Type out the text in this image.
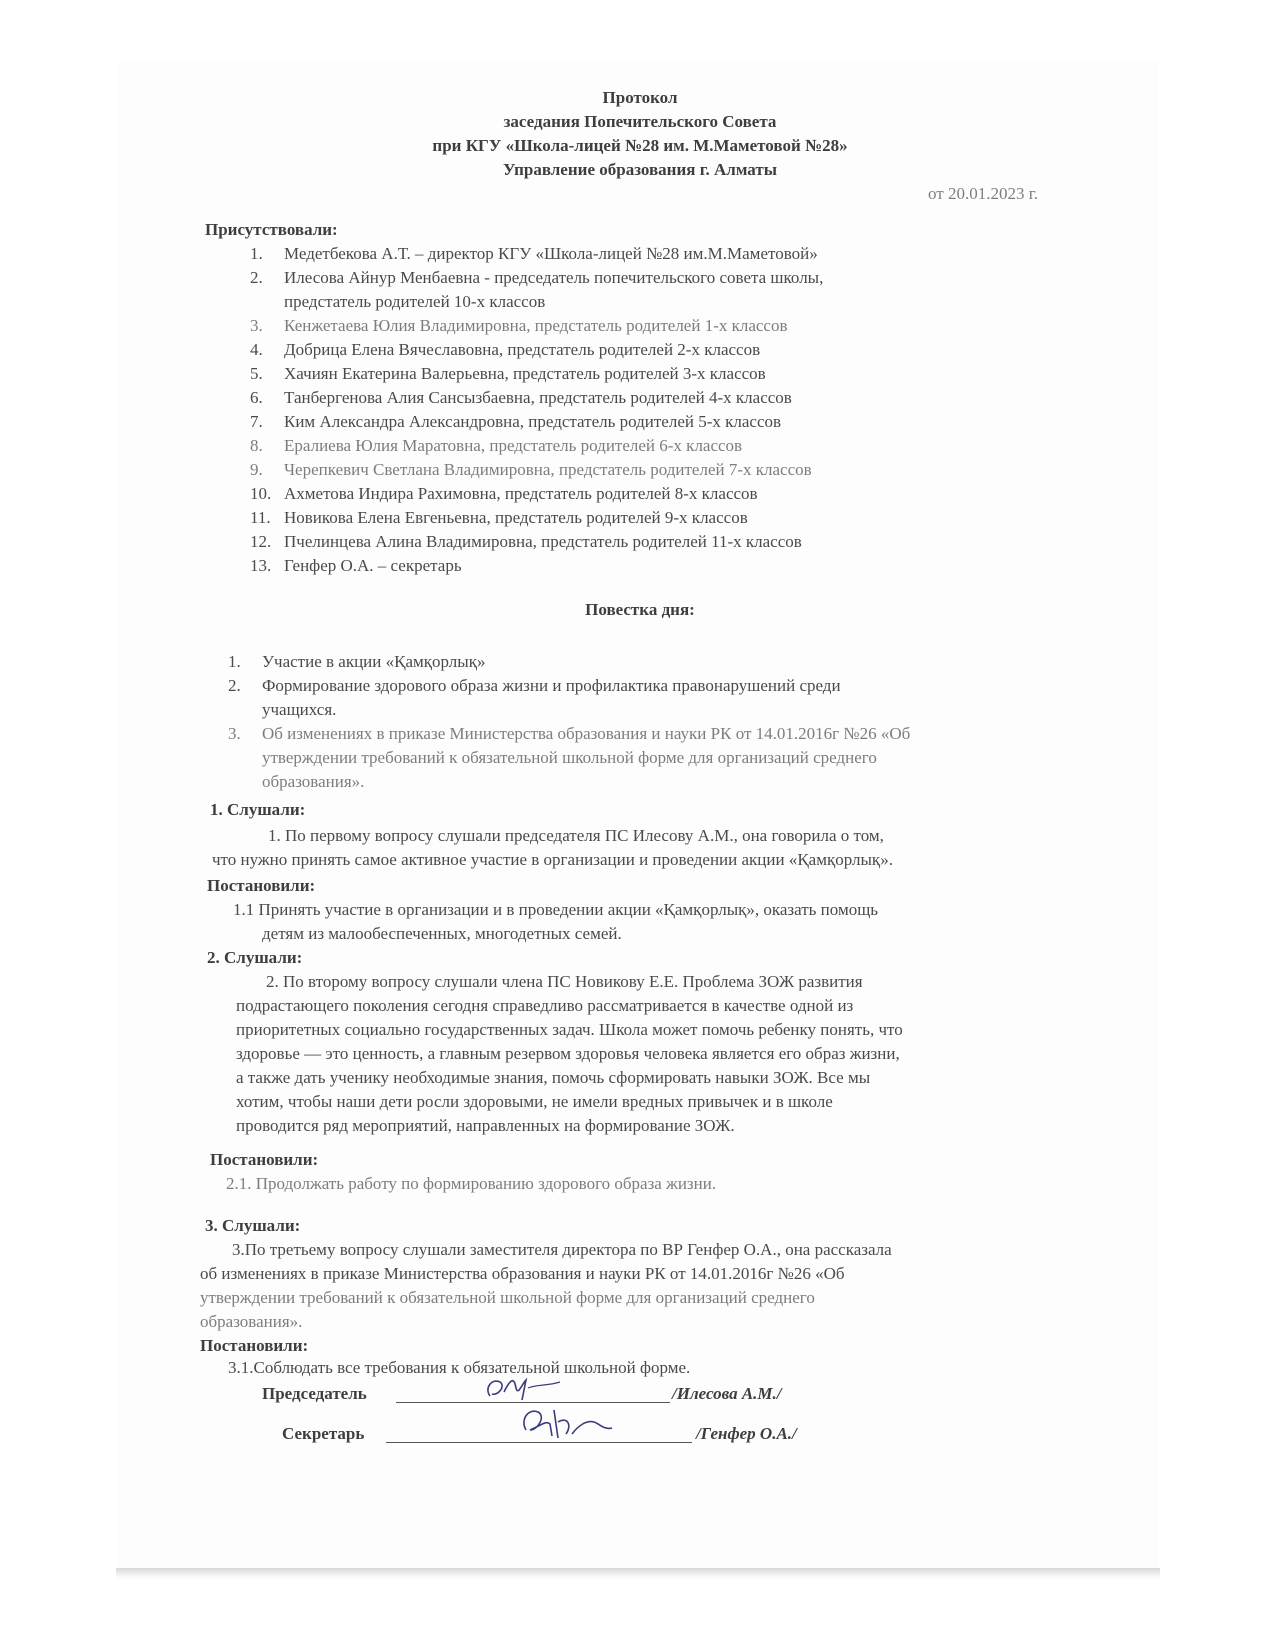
Протокол
заседания Попечительского Совета
при КГУ «Школа-лицей №28 им. М.Маметовой №28»
Управление образования г. Алматы
от 20.01.2023 г.
Присутствовали:
1. Медетбекова А.Т. – директор КГУ «Школа-лицей №28 им.М.Маметовой»
2. Илесова Айнур Менбаевна - председатель попечительского совета школы,
предстатель родителей 10-х классов
3. Кенжетаева Юлия Владимировна, предстатель родителей 1-х классов
4. Добрица Елена Вячеславовна, предстатель родителей 2-х классов
5. Хачиян Екатерина Валерьевна, предстатель родителей 3-х классов
6. Танбергенова Алия Сансызбаевна, предстатель родителей 4-х классов
7. Ким Александра Александровна, предстатель родителей 5-х классов
8. Ералиева Юлия Маратовна, предстатель родителей 6-х классов
9. Черепкевич Светлана Владимировна, предстатель родителей 7-х классов
10. Ахметова Индира Рахимовна, предстатель родителей 8-х классов
11. Новикова Елена Евгеньевна, предстатель родителей 9-х классов
12. Пчелинцева Алина Владимировна, предстатель родителей 11-х классов
13. Генфер О.А. – секретарь
Повестка дня:
1. Участие в акции «Қамқорлық»
2. Формирование здорового образа жизни и профилактика правонарушений среди
учащихся.
3. Об изменениях в приказе Министерства образования и науки РК от 14.01.2016г №26 «Об
утверждении требований к обязательной школьной форме для организаций среднего
образования».
1. Слушали:
1. По первому вопросу слушали председателя ПС Илесову А.М., она говорила о том,
что нужно принять самое активное участие в организации и проведении акции «Қамқорлық».
Постановили:
1.1 Принять участие в организации и в проведении акции «Қамқорлық», оказать помощь
детям из малообеспеченных, многодетных семей.
2. Слушали:
2. По второму вопросу слушали члена ПС Новикову Е.Е. Проблема ЗОЖ развития
подрастающего поколения сегодня справедливо рассматривается в качестве одной из
приоритетных социально государственных задач. Школа может помочь ребенку понять, что
здоровье — это ценность, а главным резервом здоровья человека является его образ жизни,
а также дать ученику необходимые знания, помочь сформировать навыки ЗОЖ. Все мы
хотим, чтобы наши дети росли здоровыми, не имели вредных привычек и в школе
проводится ряд мероприятий, направленных на формирование ЗОЖ.
Постановили:
2.1. Продолжать работу по формированию здорового образа жизни.
3. Слушали:
3.По третьему вопросу слушали заместителя директора по ВР Генфер О.А., она рассказала
об изменениях в приказе Министерства образования и науки РК от 14.01.2016г №26 «Об
утверждении требований к обязательной школьной форме для организаций среднего
образования».
Постановили:
3.1.Соблюдать все требования к обязательной школьной форме.
Председатель	/Илесова А.М./
Секретарь	/Генфер О.А./
